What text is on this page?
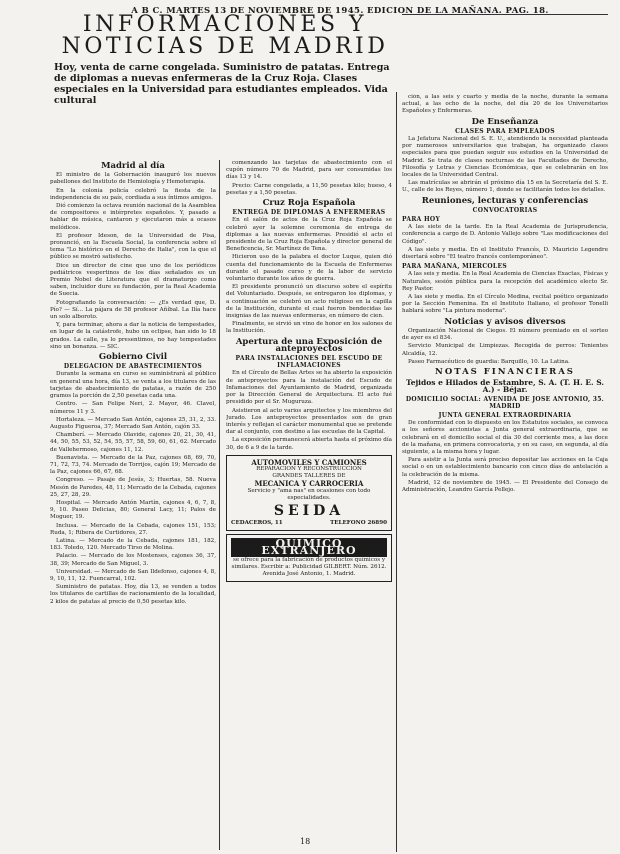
A B C. MARTES 13 DE NOVIEMBRE DE 1945. EDICION DE LA MAÑANA. PAG. 18.
INFORMACIONES Y NOTICIAS DE MADRID

Hoy, venta de carne congelada. Suministro de patatas. Entrega de diplomas a nuevas enfermeras de la Cruz Roja. Clases especiales en la Universidad para estudiantes empleados. Vida cultural

Madrid al día

El ministro de la Gobernación inauguró los nuevos pabellones del Instituto de Hemiología y Hemoterapia.

En la colonia policía celebró la fiesta de la independencia de su país, cordiada a sus íntimos amigos.

Dió comienzo la octava reunión nacional de la Asamblea de compositores e intérpretes españoles. Y, pasado a hablar de música, cantaron y ejecutaron más a ocasos melódicos.

El profesor Ideson, de la Universidad de Pisa, pronunció, en la Escuela Social, la conferencia sobre el tema "Lo histórico en el Derecho de Italia", con la que el público se mostró satisfecho.

Dice un director de cine que uno de los periódicos pediátricos vespertinos de los días señalados es un Premio Nobel de Literatura que el dramaturgo como saben, incluidor dure su fundación, por la Real Academia de Suecia.

Fotografiando la conversación: — ¿Es verdad que, D. Pío? — Sí... La pájara de 58 profesor Añíbal. La Ilía hace un solo alboroto.

Y, para terminar, ahora a dar la noticia de tempestades, en lugar de la catástrofe, hubo un eclipse, han sido lo 18 grados. La calle, ya lo presentimos, no hay tempestades sino un bonanza. — SIC.

Gobierno Civil
DELEGACION DE ABASTECIMIENTOS

Durante la semana en curso se suministrará al público en general una hora, día 13, se venta a los titulares de las tarjetas de abastecimiento de patatas, a razón de 250 gramos la porción de 2,50 pesetas cada una.

Centro. — San Felipe Neri, 2. Mayor, 46. Clavel, números 11 y 3.

Hortaleza. — Mercado San Antón, cajones 25, 31, 2, 33. Augusto Figueroa, 37; Mercado San Antón, cajón 33.

Chamberí. — Mercado Olavide, cajones 20, 21, 30, 41, 44, 50, 55, 53, 52, 54, 55, 57, 58, 59, 60, 61, 62. Mercado de Vallehermoso, cajones 11, 12.

Buenavista. — Mercado de la Paz, cajones 68, 69, 70, 71, 72, 73, 74. Mercado de Torrijos, cajón 19; Mercado de la Paz, cajones 66, 67, 68.

Congreso. — Pasaje de Jesús, 3; Huertas, 58. Nueva Mesón de Paredes, 48, 11; Mercado de la Cebada, cajones 25, 27, 28, 29.

Hospital. — Mercado Antón Martín, cajones 4, 6, 7, 8, 9, 10. Paseo Delicias, 80; General Lacy, 11; Palos de Moguer, 19.

Inclusa. — Mercado de la Cebada, cajones 151, 153; Ruda, 1; Ribera de Curtidores, 27.

Latina. — Mercado de la Cebada, cajones 181, 182, 183. Toledo, 120. Mercado Tirso de Molina.

Palacio. — Mercado de los Mostenses, cajones 36, 37, 38, 39; Mercado de San Miguel, 3.

Universidad. — Mercado de San Ildefonso, cajones 4, 8, 9, 10, 11, 12. Fuencarral, 102.

Suministro de patatas. Hoy, día 13, se venden a todos los titulares de cartillas de racionamiento de la localidad, 2 kilos de patatas al precio de 0,50 pesetas kilo.

comenzando las tarjetas de abastecimiento con el cupón número 70 de Madrid, para ser consumidas los días 13 y 14.

Precio: Carne congelada, a 11,50 pesetas kilo; hueso, 4 pesetas y a 1,50 pesetas.

Cruz Roja Española
ENTREGA DE DIPLOMAS A ENFERMERAS

En el salón de actos de la Cruz Roja Española se celebró ayer la solemne ceremonia de entrega de diplomas a las nuevas enfermeras. Presidió el acto el presidente de la Cruz Roja Española y director general de Beneficencia, Sr. Martínez de Tena.

Hicieron uso de la palabra el doctor Luque, quien dió cuenta del funcionamiento de la Escuela de Enfermeras durante el pasado curso y de la labor de servicio voluntario durante los años de guerra.

El presidente pronunció un discurso sobre el espíritu del Voluntariado. Después, se entregaron los diplomas, y a continuación se celebró un acto religioso en la capilla de la Institución, durante el cual fueron bendecidas las insignias de las nuevas enfermeras, en número de cien.

Finalmente, se sirvió un vino de honor en los salones de la Institución.

Apertura de una Exposición de anteproyectos
PARA INSTALACIONES DEL ESCUDO DE INFLAMACIONES

En el Círculo de Bellas Artes se ha abierto la exposición de anteproyectos para la instalación del Escudo de Infamaciones del Ayuntamiento de Madrid, organizada por la Dirección General de Arquitectura. El acto fué presidido por el Sr. Muguruza.

Asistieron al acto varios arquitectos y los miembros del Jurado. Los anteproyectos presentados son de gran interés y reflejan el carácter monumental que se pretende dar al conjunto, con destino a las escuelas de la Capital.

La exposición permanecerá abierta hasta el próximo día 30, de 6 a 9 de la tarde.

AUTOMOVILES Y CAMIONES
REPARACION Y RECONSTRUCCION
GRANDES TALLERES DE
MECANICA Y CARROCERIA
Servicio y "ama nas" en ocasiones con todo especialidades.
SEIDA
CEDACEROS, 11	TELEFONO 26890
QUIMICO EXTRANJERO
se ofrece para la fabricación de productos químicos y similares. Escribir a: Publicidad GILBERT. Núm. 2612. Avenida José Antonio, 1. Madrid.

ción, a las seis y cuarto y media de la noche, durante la semana actual, a las ocho de la noche, del día 20 de los Universitarios Españoles y Enfermeras.

De Enseñanza
CLASES PARA EMPLEADOS

La Jefatura Nacional del S. E. U., atendiendo la necesidad planteada por numerosos universitarios que trabajan, ha organizado clases especiales para que puedan seguir sus estudios en la Universidad de Madrid. Se trata de clases nocturnas de las Facultades de Derecho, Filosofía y Letras y Ciencias Económicas, que se celebrarán en los locales de la Universidad Central.

Las matrículas se abrirán el próximo día 15 en la Secretaría del S. E. U., calle de los Reyes, número 1, donde se facilitarán todos los detalles.

Reuniones, lecturas y conferencias
CONVOCATORIAS
PARA HOY

A las siete de la tarde. En la Real Academia de Jurisprudencia, conferencia a cargo de D. Antonio Vallejo sobre "Las modificaciones del Código".

A las siete y media. En el Instituto Francés, D. Mauricio Legendre disertará sobre "El teatro francés contemporáneo".

PARA MAÑANA, MIERCOLES

A las seis y media. En la Real Academia de Ciencias Exactas, Físicas y Naturales, sesión pública para la recepción del académico electo Sr. Rey Pastor.

A las siete y media. En el Círculo Medina, recital poético organizado por la Sección Femenina. En el Instituto Italiano, el profesor Tonelli hablará sobre "La pintura moderna".

Noticias y avisos diversos

Organización Nacional de Ciegos. El número premiado en el sorteo de ayer es el 834.

Servicio Municipal de Limpiezas. Recogida de perros: Tenientes Alcaldía, 12.

Paseo Farmacéutico de guardia: Barquillo, 10. La Latina.

NOTAS FINANCIERAS
Tejidos e Hilados de Estambre, S. A. (T. H. E. S. A.) - Béjar.
DOMICILIO SOCIAL: AVENIDA DE JOSE ANTONIO, 35. MADRID
JUNTA GENERAL EXTRAORDINARIA

De conformidad con lo dispuesto en los Estatutos sociales, se convoca a los señores accionistas a Junta general extraordinaria, que se celebrará en el domicilio social el día 30 del corriente mes, a las doce de la mañana, en primera convocatoria, y en su caso, en segunda, al día siguiente, a la misma hora y lugar.

Para asistir a la Junta será preciso depositar las acciones en la Caja social o en un establecimiento bancario con cinco días de antelación a la celebración de la misma.

Madrid, 12 de noviembre de 1945. — El Presidente del Consejo de Administración, Leandro García Pellejo.

18
